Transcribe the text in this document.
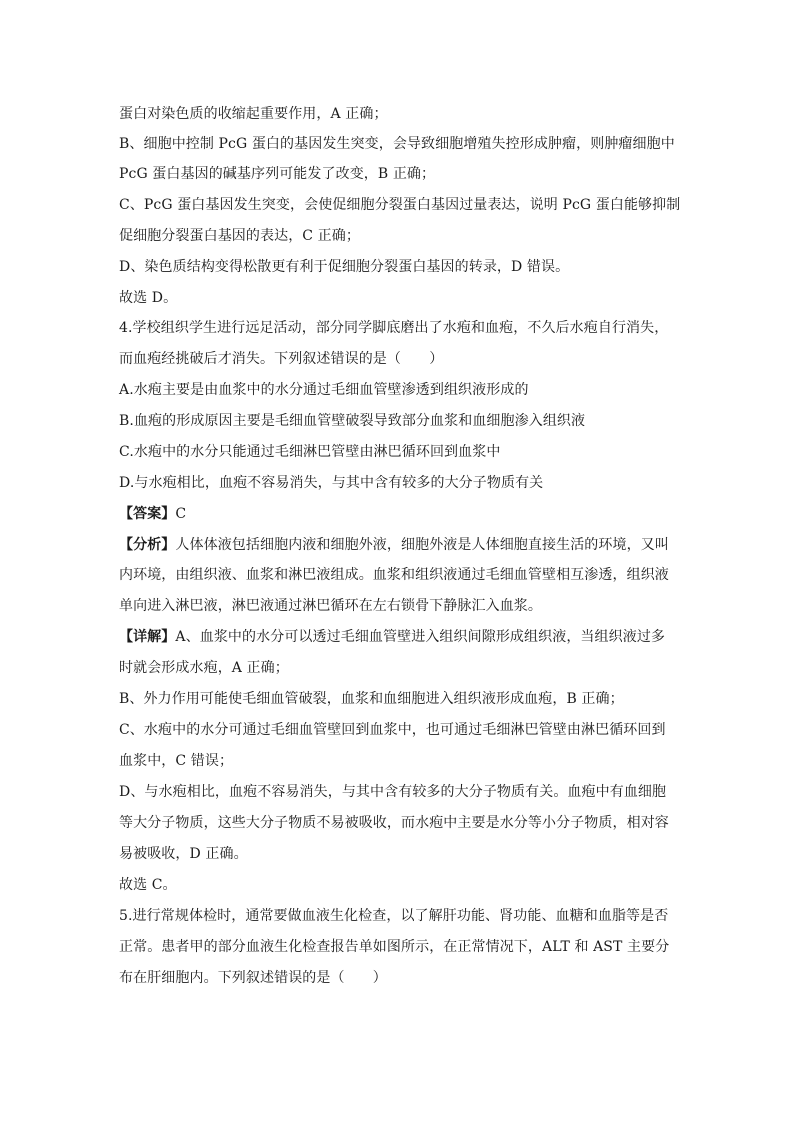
蛋白对染色质的收缩起重要作用，A 正确；
B、细胞中控制 PcG 蛋白的基因发生突变，会导致细胞增殖失控形成肿瘤，则肿瘤细胞中
PcG 蛋白基因的碱基序列可能发了改变，B 正确；
C、PcG 蛋白基因发生突变，会使促细胞分裂蛋白基因过量表达，说明 PcG 蛋白能够抑制
促细胞分裂蛋白基因的表达，C 正确；
D、染色质结构变得松散更有利于促细胞分裂蛋白基因的转录，D 错误。
故选 D。
4.学校组织学生进行远足活动，部分同学脚底磨出了水疱和血疱，不久后水疱自行消失，
而血疱经挑破后才消失。下列叙述错误的是（　　）
A.水疱主要是由血浆中的水分通过毛细血管壁渗透到组织液形成的
B.血疱的形成原因主要是毛细血管壁破裂导致部分血浆和血细胞渗入组织液
C.水疱中的水分只能通过毛细淋巴管壁由淋巴循环回到血浆中
D.与水疱相比，血疱不容易消失，与其中含有较多的大分子物质有关
【答案】C
【分析】人体体液包括细胞内液和细胞外液，细胞外液是人体细胞直接生活的环境，又叫
内环境，由组织液、血浆和淋巴液组成。血浆和组织液通过毛细血管壁相互渗透，组织液
单向进入淋巴液，淋巴液通过淋巴循环在左右锁骨下静脉汇入血浆。
【详解】A、血浆中的水分可以透过毛细血管壁进入组织间隙形成组织液，当组织液过多
时就会形成水疱，A 正确；
B、外力作用可能使毛细血管破裂，血浆和血细胞进入组织液形成血疱，B 正确；
C、水疱中的水分可通过毛细血管壁回到血浆中，也可通过毛细淋巴管壁由淋巴循环回到
血浆中，C 错误；
D、与水疱相比，血疱不容易消失，与其中含有较多的大分子物质有关。血疱中有血细胞
等大分子物质，这些大分子物质不易被吸收，而水疱中主要是水分等小分子物质，相对容
易被吸收，D 正确。
故选 C。
5.进行常规体检时，通常要做血液生化检查，以了解肝功能、肾功能、血糖和血脂等是否
正常。患者甲的部分血液生化检查报告单如图所示，在正常情况下，ALT 和 AST 主要分
布在肝细胞内。下列叙述错误的是（　　）
